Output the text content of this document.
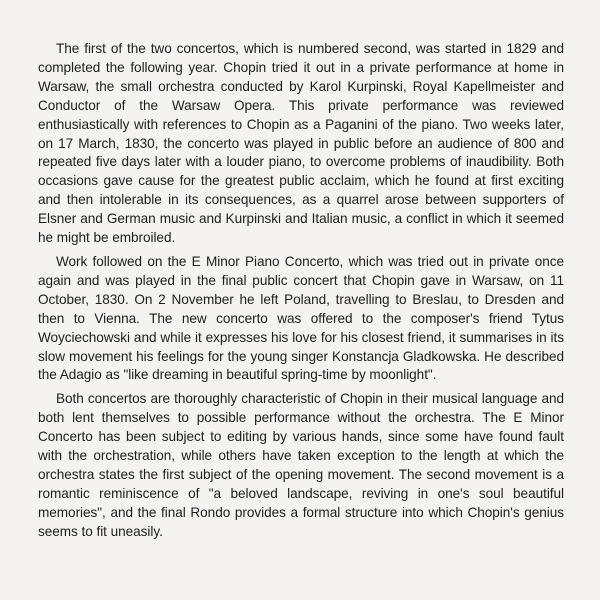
The first of the two concertos, which is numbered second, was started in 1829 and completed the following year. Chopin tried it out in a private performance at home in Warsaw, the small orchestra conducted by Karol Kurpinski, Royal Kapellmeister and Conductor of the Warsaw Opera. This private performance was reviewed enthusiastically with references to Chopin as a Paganini of the piano. Two weeks later, on 17 March, 1830, the concerto was played in public before an audience of 800 and repeated five days later with a louder piano, to overcome problems of inaudibility. Both occasions gave cause for the greatest public acclaim, which he found at first exciting and then intolerable in its consequences, as a quarrel arose between supporters of Elsner and German music and Kurpinski and Italian music, a conflict in which it seemed he might be embroiled.

Work followed on the E Minor Piano Concerto, which was tried out in private once again and was played in the final public concert that Chopin gave in Warsaw, on 11 October, 1830. On 2 November he left Poland, travelling to Breslau, to Dresden and then to Vienna. The new concerto was offered to the composer's friend Tytus Woyciechowski and while it expresses his love for his closest friend, it summarises in its slow movement his feelings for the young singer Konstancja Gladkowska. He described the Adagio as "like dreaming in beautiful spring-time by moonlight".

Both concertos are thoroughly characteristic of Chopin in their musical language and both lent themselves to possible performance without the orchestra. The E Minor Concerto has been subject to editing by various hands, since some have found fault with the orchestration, while others have taken exception to the length at which the orchestra states the first subject of the opening movement. The second movement is a romantic reminiscence of "a beloved landscape, reviving in one's soul beautiful memories", and the final Rondo provides a formal structure into which Chopin's genius seems to fit uneasily.
